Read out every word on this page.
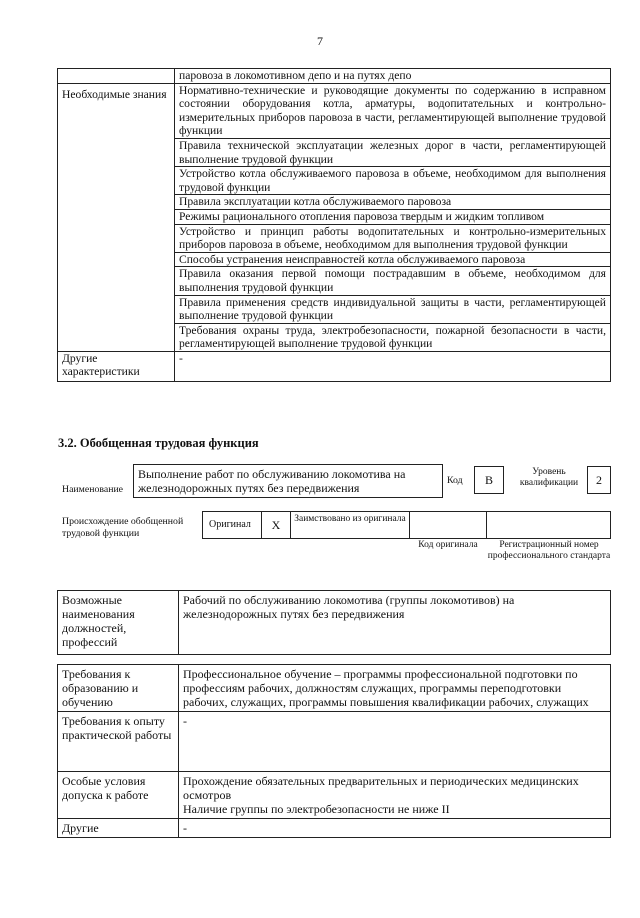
7
	паровоза в локомотивном депо и на путях депо
Необходимые знания	Нормативно-технические и руководящие документы по содержанию в исправном состоянии оборудования котла, арматуры, водопитательных и контрольно-измерительных приборов паровоза в части, регламентирующей выполнение трудовой функции
	Правила технической эксплуатации железных дорог в части, регламентирующей выполнение трудовой функции
	Устройство котла обслуживаемого паровоза в объеме, необходимом для выполнения трудовой функции
	Правила эксплуатации котла обслуживаемого паровоза
	Режимы рационального отопления паровоза твердым и жидким топливом
	Устройство и принцип работы водопитательных и контрольно-измерительных приборов паровоза в объеме, необходимом для выполнения трудовой функции
	Способы устранения неисправностей котла обслуживаемого паровоза
	Правила оказания первой помощи пострадавшим в объеме, необходимом для выполнения трудовой функции
	Правила применения средств индивидуальной защиты в части, регламентирующей выполнение трудовой функции
	Требования охраны труда, электробезопасности, пожарной безопасности в части, регламентирующей выполнение трудовой функции
Другие характеристики	-
3.2. Обобщенная трудовая функция
Наименование
Выполнение работ по обслуживанию локомотива на железнодорожных путях без передвижения
Код	B
Уровень квалификации	2
Происхождение обобщенной трудовой функции
Оригинал	X	Заимствовано из оригинала
Код оригинала	Регистрационный номер профессионального стандарта
Возможные наименования должностей, профессий	Рабочий по обслуживанию локомотива (группы локомотивов) на железнодорожных путях без передвижения
Требования к образованию и обучению	Профессиональное обучение – программы профессиональной подготовки по профессиям рабочих, должностям служащих, программы переподготовки рабочих, служащих, программы повышения квалификации рабочих, служащих
Требования к опыту практической работы	-
Особые условия допуска к работе	Прохождение обязательных предварительных и периодических медицинских осмотров
Наличие группы по электробезопасности не ниже II

Другие	-
